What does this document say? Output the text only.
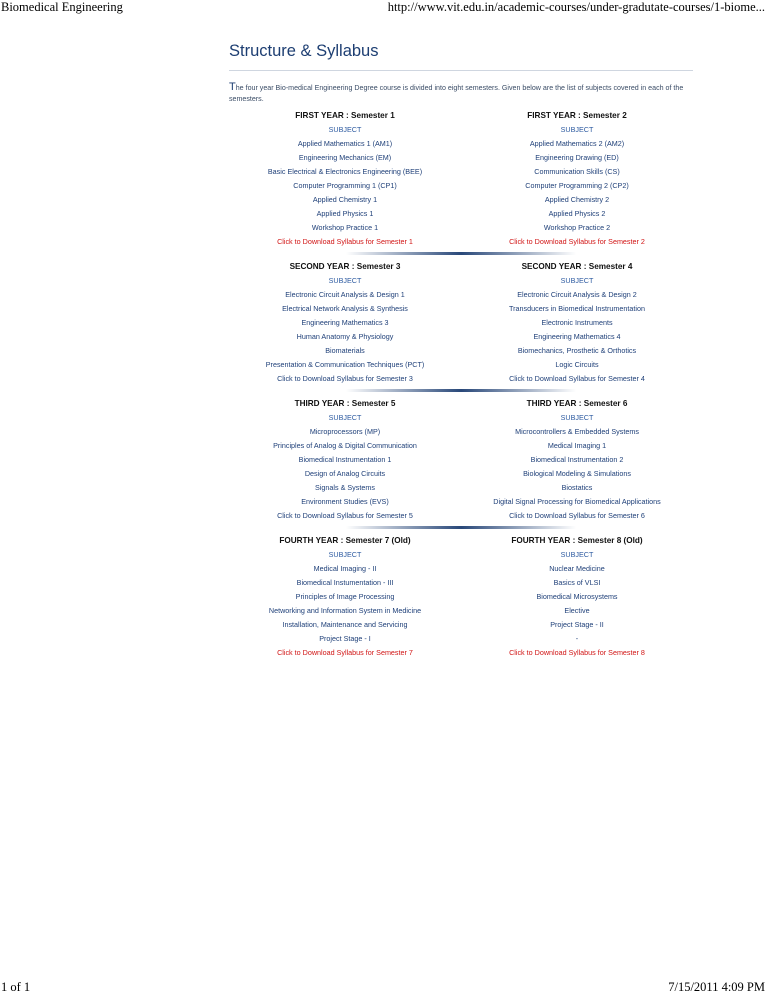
Biomedical Engineering	http://www.vit.edu.in/academic-courses/under-gradutate-courses/1-biome...
Structure & Syllabus
The four year Bio-medical Engineering Degree course is divided into eight semesters. Given below are the list of subjects covered in each of the semesters.
FIRST YEAR : Semester 1
SUBJECT
Applied Mathematics 1 (AM1)
Engineering Mechanics (EM)
Basic Electrical & Electronics Engineering (BEE)
Computer Programming 1 (CP1)
Applied Chemistry 1
Applied Physics 1
Workshop Practice 1
Click to Download Syllabus for Semester 1
FIRST YEAR : Semester 2
SUBJECT
Applied Mathematics 2 (AM2)
Engineering Drawing (ED)
Communication Skills (CS)
Computer Programming 2 (CP2)
Applied Chemistry 2
Applied Physics 2
Workshop Practice 2
Click to Download Syllabus for Semester 2
SECOND YEAR : Semester 3
SUBJECT
Electronic Circuit Analysis & Design 1
Electrical Network Analysis & Synthesis
Engineering Mathematics 3
Human Anatomy & Physiology
Biomaterials
Presentation & Communication Techniques (PCT)
Click to Download Syllabus for Semester 3
SECOND YEAR : Semester 4
SUBJECT
Electronic Circuit Analysis & Design 2
Transducers in Biomedical Instrumentation
Electronic Instruments
Engineering Mathematics 4
Biomechanics, Prosthetic & Orthotics
Logic Circuits
Click to Download Syllabus for Semester 4
THIRD YEAR : Semester 5
SUBJECT
Microprocessors (MP)
Principles of Analog & Digital Communication
Biomedical Instrumentation 1
Design of Analog Circuits
Signals & Systems
Environment Studies (EVS)
Click to Download Syllabus for Semester 5
THIRD YEAR : Semester 6
SUBJECT
Microcontrollers & Embedded Systems
Medical Imaging 1
Biomedical Instrumentation 2
Biological Modeling & Simulations
Biostatics
Digital Signal Processing for Biomedical Applications
Click to Download Syllabus for Semester 6
FOURTH YEAR : Semester 7 (Old)
SUBJECT
Medical Imaging - II
Biomedical Instumentation - III
Principles of Image Processing
Networking and Information System in Medicine
Installation, Maintenance and Servicing
Project Stage - I
Click to Download Syllabus for Semester 7
FOURTH YEAR : Semester 8 (Old)
SUBJECT
Nuclear Medicine
Basics of VLSI
Biomedical Microsystems
Elective
Project Stage - II
-
Click to Download Syllabus for Semester 8
1 of 1	7/15/2011 4:09 PM
